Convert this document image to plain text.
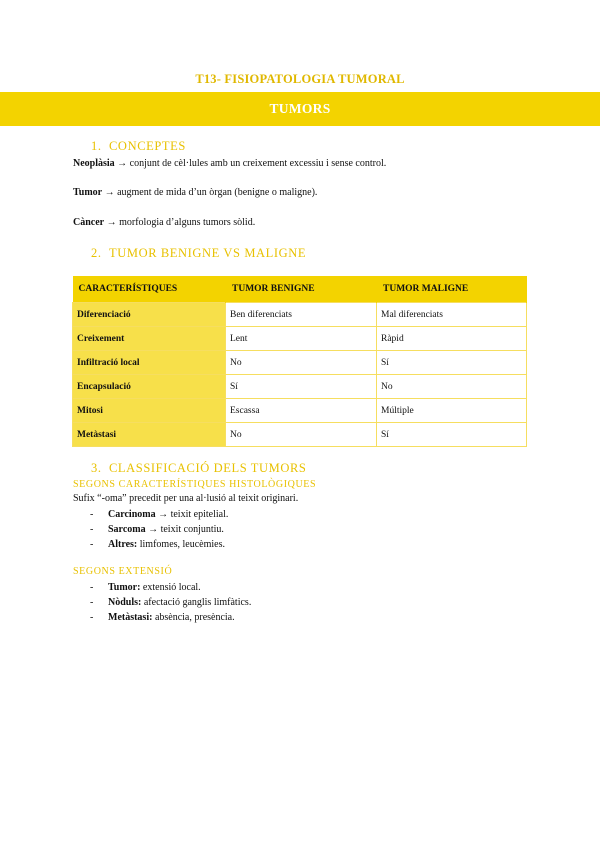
T13- FISIOPATOLOGIA TUMORAL
TUMORS
1. CONCEPTES
Neoplàsia → conjunt de cèl·lules amb un creixement excessiu i sense control.
Tumor → augment de mida d’un òrgan (benigne o maligne).
Càncer → morfologia d’alguns tumors sòlid.
2. TUMOR BENIGNE VS MALIGNE
CARACTERÍSTIQUES	TUMOR BENIGNE	TUMOR MALIGNE
Diferenciació	Ben diferenciats	Mal diferenciats
Creixement	Lent	Ràpid
Infiltració local	No	Sí
Encapsulació	Sí	No
Mitosi	Escassa	Múltiple
Metàstasi	No	Sí
3. CLASSIFICACIÓ DELS TUMORS
SEGONS CARACTERÍSTIQUES HISTOLÒGIQUES
Sufix “-oma” precedit per una al·lusió al teixit originari.
- Carcinoma → teixit epitelial.
- Sarcoma → teixit conjuntiu.
- Altres: limfomes, leucèmies.
SEGONS EXTENSIÓ
- Tumor: extensió local.
- Nòduls: afectació ganglis limfàtics.
- Metàstasi: absència, presència.
